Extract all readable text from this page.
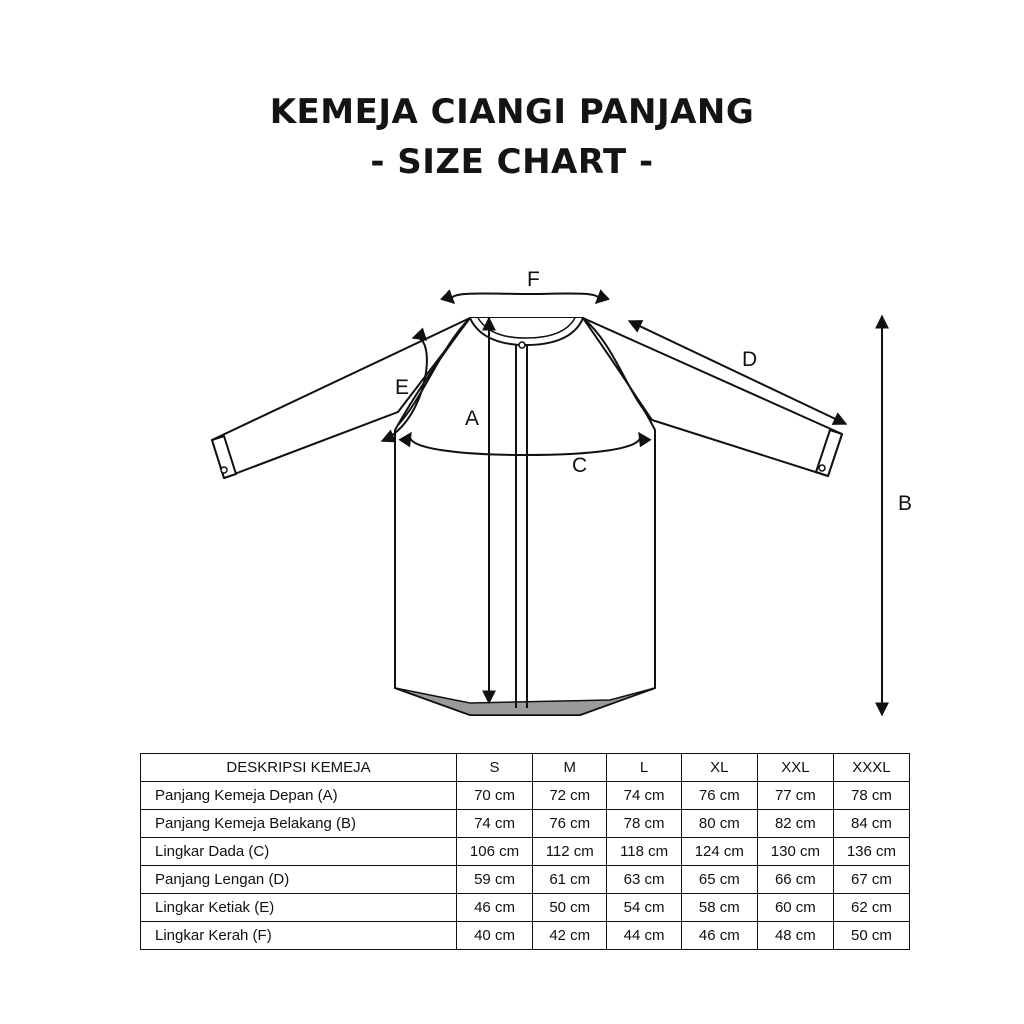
KEMEJA CIANGI PANJANG
- SIZE CHART -
A
B
C
D
E
F
DESKRIPSI KEMEJA	S	M	L	XL	XXL	XXXL
Panjang Kemeja Depan (A)	70 cm	72 cm	74 cm	76 cm	77 cm	78 cm
Panjang Kemeja Belakang (B)	74 cm	76 cm	78 cm	80 cm	82 cm	84 cm
Lingkar Dada (C)	106 cm	112 cm	118 cm	124 cm	130 cm	136 cm
Panjang Lengan (D)	59 cm	61 cm	63 cm	65 cm	66 cm	67 cm
Lingkar Ketiak (E)	46 cm	50 cm	54 cm	58 cm	60 cm	62 cm
Lingkar Kerah (F)	40 cm	42 cm	44 cm	46 cm	48 cm	50 cm
